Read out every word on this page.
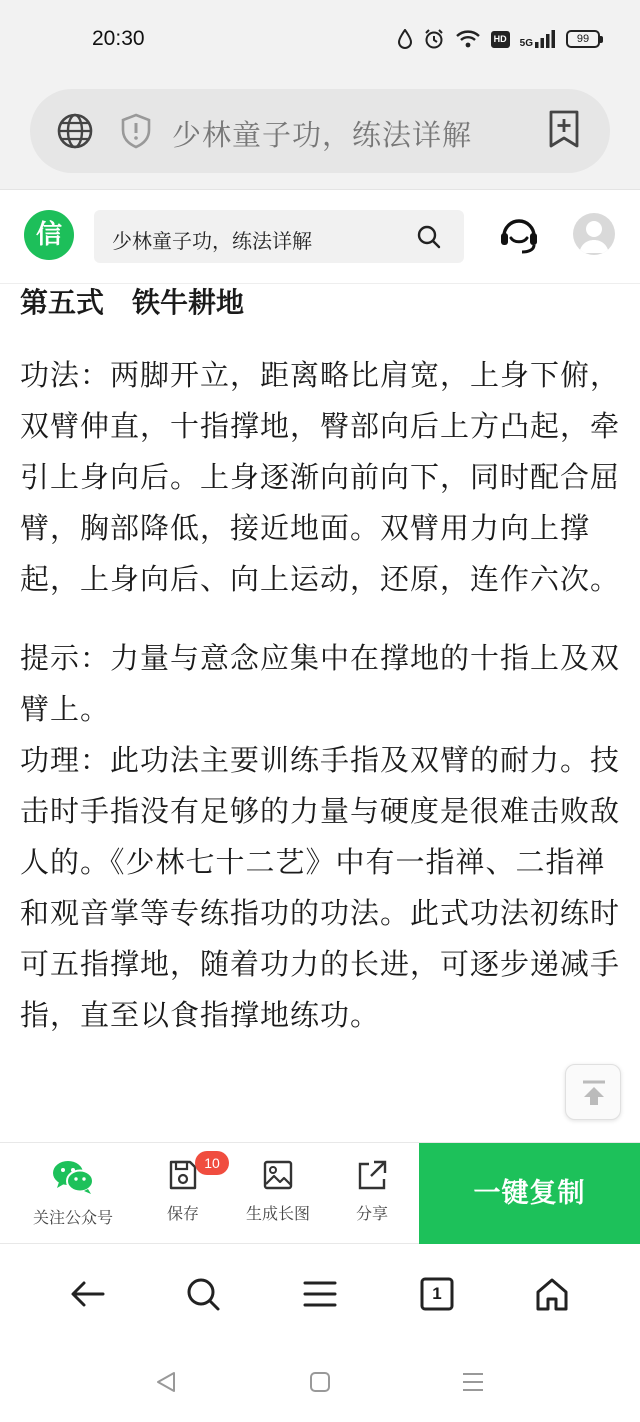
20:30	HD	5G	99
少林童子功，练法详解
信	少林童子功，练法详解
第五式　铁牛耕地

功法：两脚开立，距离略比肩宽，上身下俯，双臂伸直，十指撑地，臀部向后上方凸起，牵引上身向后。上身逐渐向前向下，同时配合屈臂，胸部降低，接近地面。双臂用力向上撑起，上身向后、向上运动，还原，连作六次。

提示：力量与意念应集中在撑地的十指上及双臂上。

功理：此功法主要训练手指及双臂的耐力。技击时手指没有足够的力量与硬度是很难击败敌人的。《少林七十二艺》中有一指禅、二指禅和观音掌等专练指功的功法。此式功法初练时可五指撑地，随着功力的长进，可逐步递减手指，直至以食指撑地练功。

关注公众号	保存
10
生成长图	分享
一键复制
1
